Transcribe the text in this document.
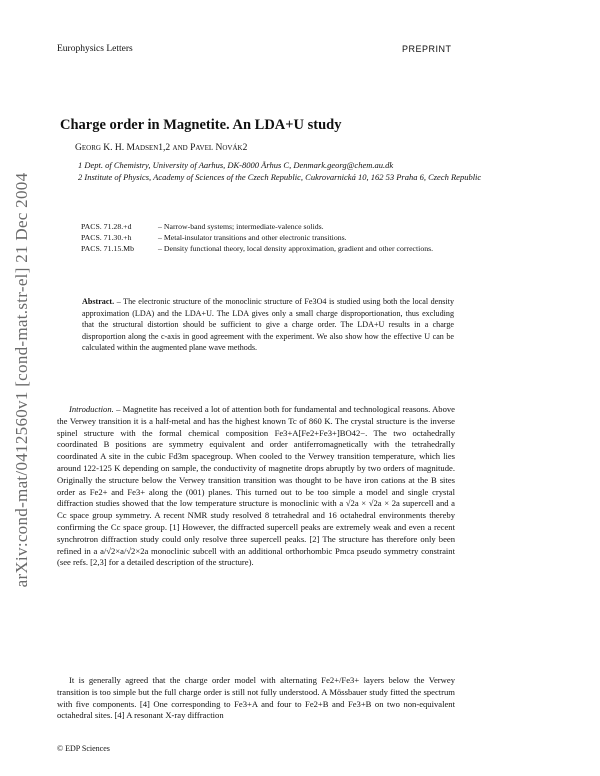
Europhysics Letters	PREPRINT
arXiv:cond-mat/0412560v1 [cond-mat.str-el] 21 Dec 2004
Charge order in Magnetite. An LDA+U study
Georg K. H. Madsen1,2 and Pavel Novák2
1 Dept. of Chemistry, University of Aarhus, DK-8000 Århus C, Denmark.georg@chem.au.dk
2 Institute of Physics, Academy of Sciences of the Czech Republic, Cukrovarnická 10, 162 53 Praha 6, Czech Republic
PACS. 71.28.+d	– Narrow-band systems; intermediate-valence solids.
PACS. 71.30.+h	– Metal-insulator transitions and other electronic transitions.
PACS. 71.15.Mb	– Density functional theory, local density approximation, gradient and other corrections.
Abstract. – The electronic structure of the monoclinic structure of Fe3O4 is studied using both the local density approximation (LDA) and the LDA+U. The LDA gives only a small charge disproportionation, thus excluding that the structural distortion should be sufficient to give a charge order. The LDA+U results in a charge disproportion along the c-axis in good agreement with the experiment. We also show how the effective U can be calculated within the augmented plane wave methods.
Introduction. – Magnetite has received a lot of attention both for fundamental and technological reasons. Above the Verwey transition it is a half-metal and has the highest known Tc of 860 K. The crystal structure is the inverse spinel structure with the formal chemical composition Fe3+A[Fe2+Fe3+]BO42−. The two octahedrally coordinated B positions are symmetry equivalent and order antiferromagnetically with the tetrahedrally coordinated A site in the cubic Fd3m spacegroup. When cooled to the Verwey transition temperature, which lies around 122-125 K depending on sample, the conductivity of magnetite drops abruptly by two orders of magnitude. Originally the structure below the Verwey transition transition was thought to be have iron cations at the B sites order as Fe2+ and Fe3+ along the (001) planes. This turned out to be too simple a model and single crystal diffraction studies showed that the low temperature structure is monoclinic with a √2a × √2a × 2a supercell and a Cc space group symmetry. A recent NMR study resolved 8 tetrahedral and 16 octahedral environments thereby confirming the Cc space group. [1] However, the diffracted supercell peaks are extremely weak and even a recent synchrotron diffraction study could only resolve three supercell peaks. [2] The structure has therefore only been refined in a a/√2×a/√2×2a monoclinic subcell with an additional orthorhombic Pmca pseudo symmetry constraint (see refs. [2,3] for a detailed description of the structure).
It is generally agreed that the charge order model with alternating Fe2+/Fe3+ layers below the Verwey transition is too simple but the full charge order is still not fully understood. A Mössbauer study fitted the spectrum with five components. [4] One corresponding to Fe3+A and four to Fe2+B and Fe3+B on two non-equivalent octahedral sites. [4] A resonant X-ray diffraction
© EDP Sciences
